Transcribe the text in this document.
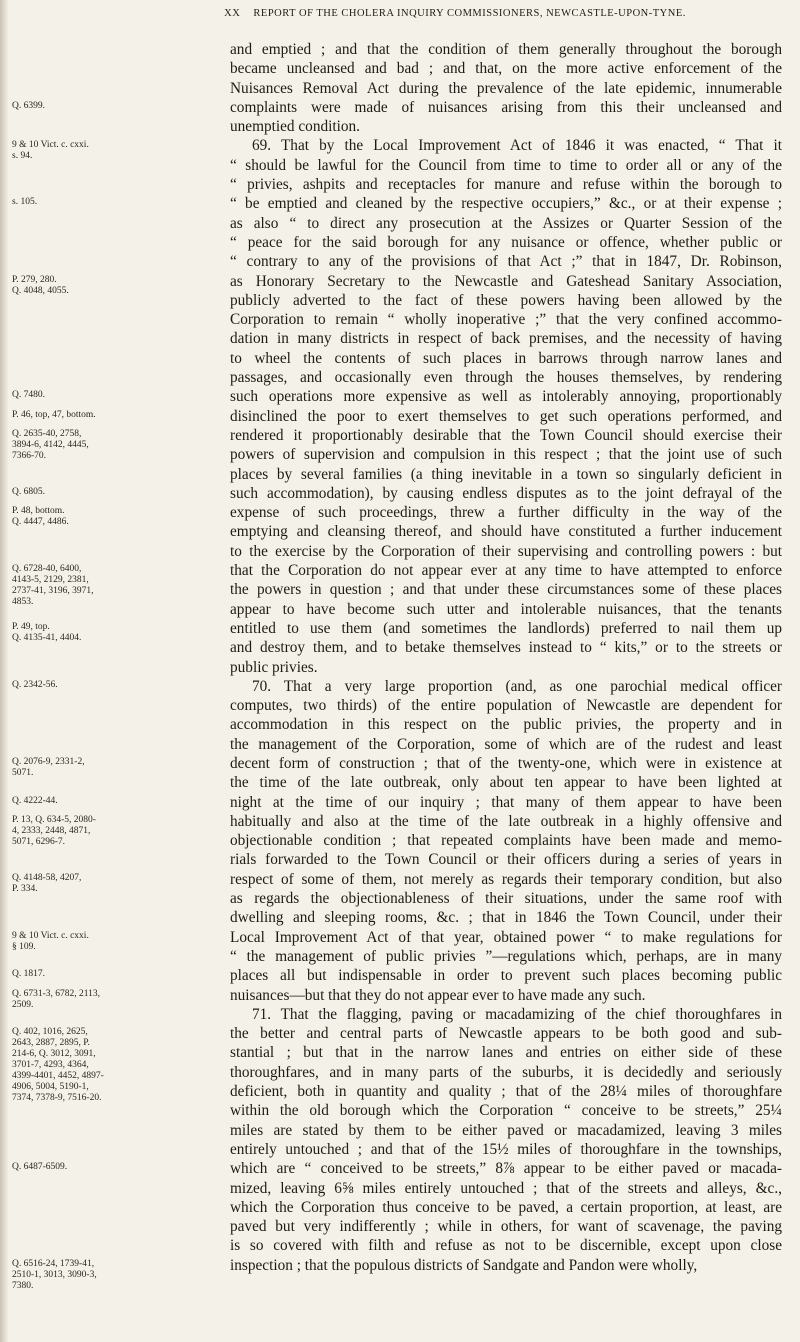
XX REPORT OF THE CHOLERA INQUIRY COMMISSIONERS, NEWCASTLE-UPON-TYNE.
and emptied ; and that the condition of them generally throughout the borough
became uncleansed and bad ; and that, on the more active enforcement of the
Nuisances Removal Act during the prevalence of the late epidemic, innumerable
complaints were made of nuisances arising from this their uncleansed and
unemptied condition.
69. That by the Local Improvement Act of 1846 it was enacted, “ That it
“ should be lawful for the Council from time to time to order all or any of the
“ privies, ashpits and receptacles for manure and refuse within the borough to
“ be emptied and cleaned by the respective occupiers,” &c., or at their expense ;
as also “ to direct any prosecution at the Assizes or Quarter Session of the
“ peace for the said borough for any nuisance or offence, whether public or
“ contrary to any of the provisions of that Act ;” that in 1847, Dr. Robinson,
as Honorary Secretary to the Newcastle and Gateshead Sanitary Association,
publicly adverted to the fact of these powers having been allowed by the
Corporation to remain “ wholly inoperative ;” that the very confined accommo-
dation in many districts in respect of back premises, and the necessity of having
to wheel the contents of such places in barrows through narrow lanes and
passages, and occasionally even through the houses themselves, by rendering
such operations more expensive as well as intolerably annoying, proportionably
disinclined the poor to exert themselves to get such operations performed, and
rendered it proportionably desirable that the Town Council should exercise their
powers of supervision and compulsion in this respect ; that the joint use of such
places by several families (a thing inevitable in a town so singularly deficient in
such accommodation), by causing endless disputes as to the joint defrayal of the
expense of such proceedings, threw a further difficulty in the way of the
emptying and cleansing thereof, and should have constituted a further inducement
to the exercise by the Corporation of their supervising and controlling powers : but
that the Corporation do not appear ever at any time to have attempted to enforce
the powers in question ; and that under these circumstances some of these places
appear to have become such utter and intolerable nuisances, that the tenants
entitled to use them (and sometimes the landlords) preferred to nail them up
and destroy them, and to betake themselves instead to “ kits,” or to the streets or
public privies.
70. That a very large proportion (and, as one parochial medical officer
computes, two thirds) of the entire population of Newcastle are dependent for
accommodation in this respect on the public privies, the property and in
the management of the Corporation, some of which are of the rudest and least
decent form of construction ; that of the twenty-one, which were in existence at
the time of the late outbreak, only about ten appear to have been lighted at
night at the time of our inquiry ; that many of them appear to have been
habitually and also at the time of the late outbreak in a highly offensive and
objectionable condition ; that repeated complaints have been made and memo-
rials forwarded to the Town Council or their officers during a series of years in
respect of some of them, not merely as regards their temporary condition, but also
as regards the objectionableness of their situations, under the same roof with
dwelling and sleeping rooms, &c. ; that in 1846 the Town Council, under their
Local Improvement Act of that year, obtained power “ to make regulations for
“ the management of public privies ”—regulations which, perhaps, are in many
places all but indispensable in order to prevent such places becoming public
nuisances—but that they do not appear ever to have made any such.
71. That the flagging, paving or macadamizing of the chief thoroughfares in
the better and central parts of Newcastle appears to be both good and sub-
stantial ; but that in the narrow lanes and entries on either side of these
thoroughfares, and in many parts of the suburbs, it is decidedly and seriously
deficient, both in quantity and quality ; that of the 28¼ miles of thoroughfare
within the old borough which the Corporation “ conceive to be streets,” 25¼
miles are stated by them to be either paved or macadamized, leaving 3 miles
entirely untouched ; and that of the 15½ miles of thoroughfare in the townships,
which are “ conceived to be streets,” 8⅞ appear to be either paved or macada-
mized, leaving 6⅝ miles entirely untouched ; that of the streets and alleys, &c.,
which the Corporation thus conceive to be paved, a certain proportion, at least, are
paved but very indifferently ; while in others, for want of scavenage, the paving
is so covered with filth and refuse as not to be discernible, except upon close
inspection ; that the populous districts of Sandgate and Pandon were wholly,
Q. 6399.
9 & 10 Vict. c. cxxi.
s. 94.
s. 105.
P. 279, 280.
Q. 4048, 4055.
Q. 7480.
P. 46, top, 47, bottom.
Q. 2635-40, 2758,
3894-6, 4142, 4445,
7366-70.
Q. 6805.
P. 48, bottom.
Q. 4447, 4486.
Q. 6728-40, 6400,
4143-5, 2129, 2381,
2737-41, 3196, 3971,
4853.
P. 49, top.
Q. 4135-41, 4404.
Q. 2342-56.
Q. 2076-9, 2331-2,
5071.
Q. 4222-44.
P. 13, Q. 634-5, 2080-
4, 2333, 2448, 4871,
5071, 6296-7.
Q. 4148-58, 4207,
P. 334.
9 & 10 Vict. c. cxxi.
§ 109.
Q. 1817.
Q. 6731-3, 6782, 2113,
2509.
Q. 402, 1016, 2625,
2643, 2887, 2895, P.
214-6, Q. 3012, 3091,
3701-7, 4293, 4364,
4399-4401, 4452, 4897-
4906, 5004, 5190-1,
7374, 7378-9, 7516-20.
Q. 6487-6509.
Q. 6516-24, 1739-41,
2510-1, 3013, 3090-3,
7380.
